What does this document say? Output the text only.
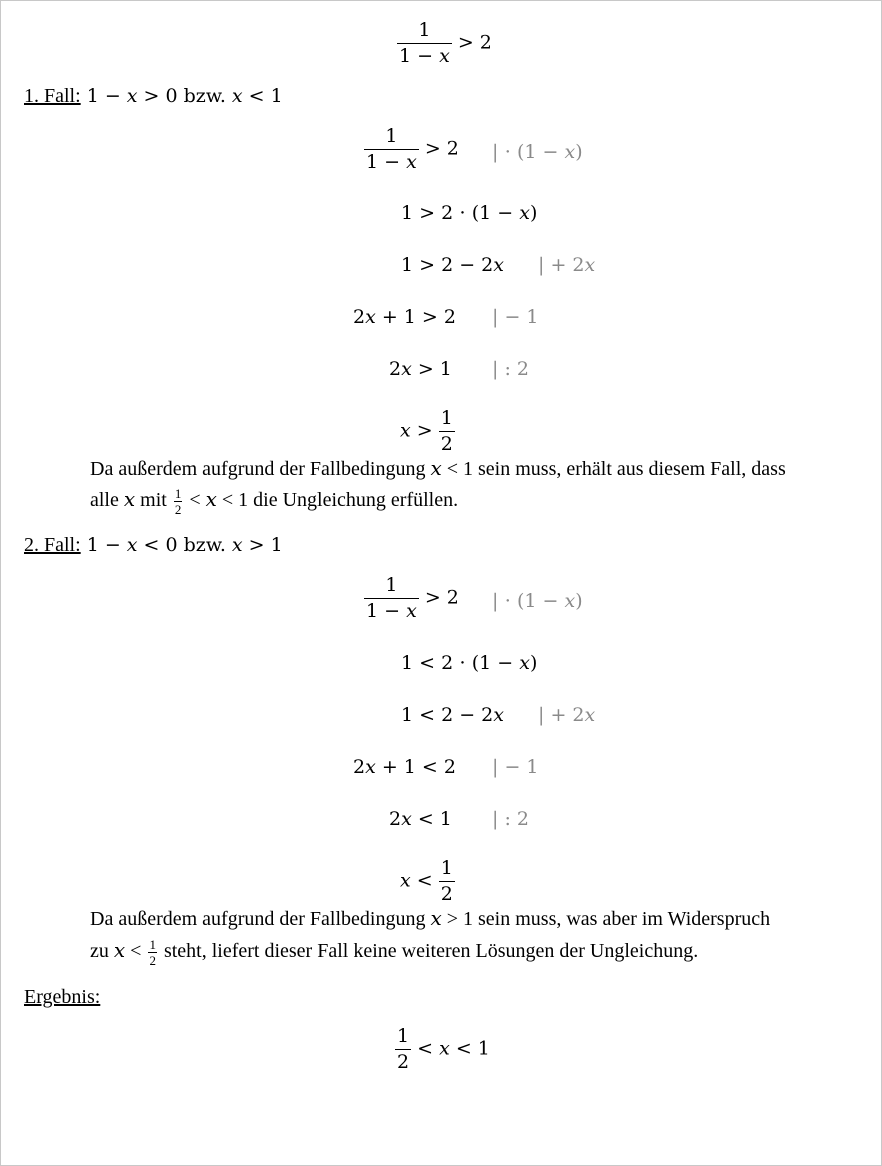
$\frac{1}{\text{1 − 𝑥}} > 2$
1. Fall: 1 − 𝑥 > 0 bzw. 𝑥 < 1
$\frac{1}{\text{1 − 𝑥}} > 2$ | ⋅ (1 − 𝑥)
1 > 2 ⋅ (1 − 𝑥)
1 > 2 − 2𝑥 | + 2𝑥
2𝑥 + 1 > 2 | − 1
2𝑥 > 1 | : 2
𝑥 > $\frac{1}{2}$
Da außerdem aufgrund der Fallbedingung 𝑥 < 1 sein muss, erhält aus diesem Fall, dass
alle 𝑥 mit $\frac{1}{2}$ < 𝑥 < 1 die Ungleichung erfüllen.
2. Fall: 1 − 𝑥 < 0 bzw. 𝑥 > 1
$\frac{1}{\text{1 − 𝑥}} > 2$ | ⋅ (1 − 𝑥)
1 < 2 ⋅ (1 − 𝑥)
1 < 2 − 2𝑥 | + 2𝑥
2𝑥 + 1 < 2 | − 1
2𝑥 < 1 | : 2
𝑥 < $\frac{1}{2}$
Da außerdem aufgrund der Fallbedingung 𝑥 > 1 sein muss, was aber im Widerspruch
zu 𝑥 < $\frac{1}{2}$ steht, liefert dieser Fall keine weiteren Lösungen der Ungleichung.
Ergebnis:
$\frac{1}{2}$ < 𝑥 < 1
